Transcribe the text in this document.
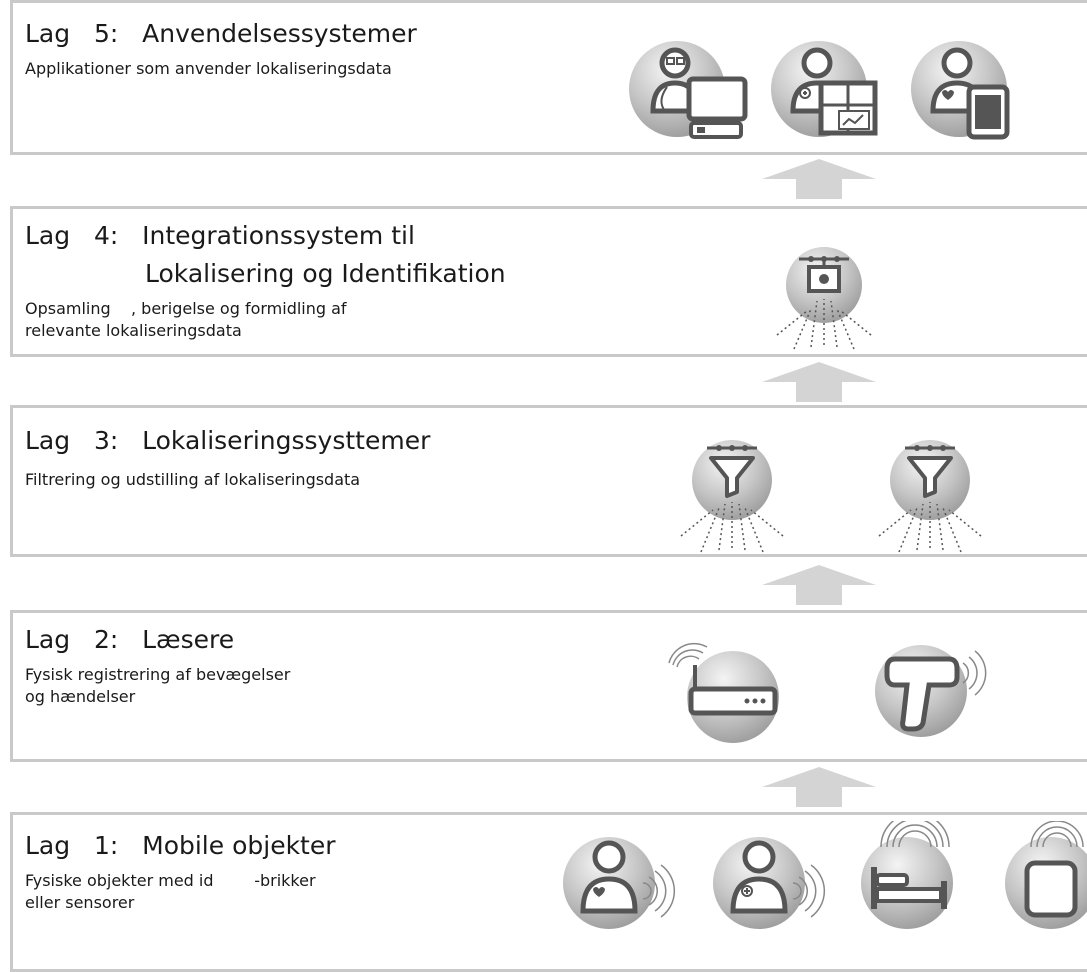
Lag   5:   Anvendelsessystemer
Applikationer som anvender lokaliseringsdata
Lag   4:   Integrationssystem til
Lokalisering og Identifikation
Opsamling    , berigelse og formidling af
relevante lokaliseringsdata
Lag   3:   Lokaliseringssysttemer
Filtrering og udstilling af lokaliseringsdata
Lag   2:   Læsere
Fysisk registrering af bevægelser
og hændelser
Lag   1:   Mobile objekter
Fysiske objekter med id        -brikker
eller sensorer
